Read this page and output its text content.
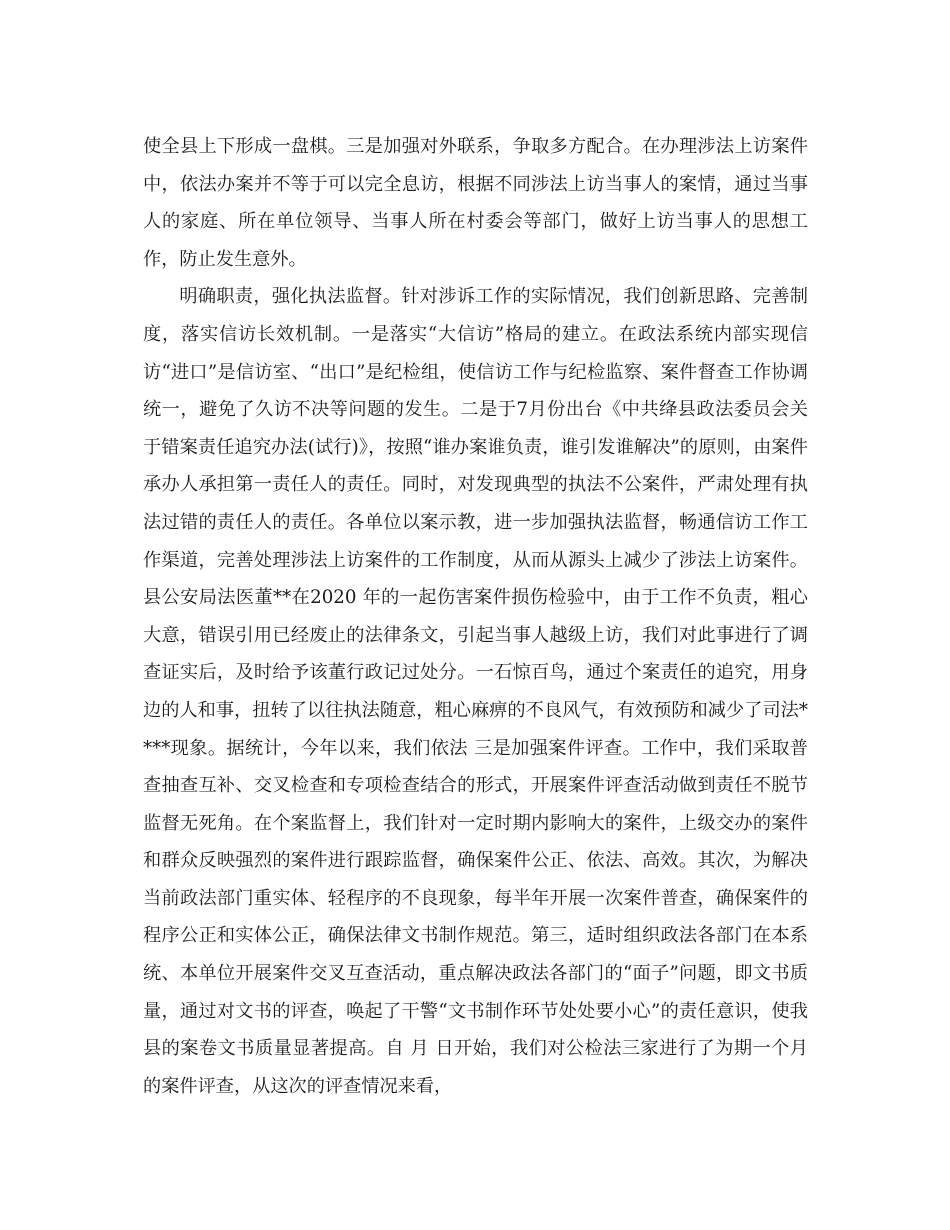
使全县上下形成一盘棋。三是加强对外联系，争取多方配合。在办理涉法上访案件中，依法办案并不等于可以完全息访，根据不同涉法上访当事人的案情，通过当事人的家庭、所在单位领导、当事人所在村委会等部门，做好上访当事人的思想工作，防止发生意外。

明确职责，强化执法监督。针对涉诉工作的实际情况，我们创新思路、完善制度，落实信访长效机制。一是落实“大信访”格局的建立。在政法系统内部实现信访“进口”是信访室、“出口”是纪检组，使信访工作与纪检监察、案件督查工作协调统一，避免了久访不决等问题的发生。二是于7月份出台《中共绛县政法委员会关于错案责任追究办法(试行)》，按照“谁办案谁负责，谁引发谁解决”的原则，由案件承办人承担第一责任人的责任。同时，对发现典型的执法不公案件，严肃处理有执法过错的责任人的责任。各单位以案示教，进一步加强执法监督，畅通信访工作工作渠道，完善处理涉法上访案件的工作制度，从而从源头上减少了涉法上访案件。县公安局法医董**在2020 年的一起伤害案件损伤检验中，由于工作不负责，粗心大意，错误引用已经废止的法律条文，引起当事人越级上访，我们对此事进行了调查证实后，及时给予该董行政记过处分。一石惊百鸟，通过个案责任的追究，用身边的人和事，扭转了以往执法随意，粗心麻痹的不良风气，有效预防和减少了司法****现象。据统计，今年以来，我们依法 三是加强案件评查。工作中，我们采取普查抽查互补、交叉检查和专项检查结合的形式，开展案件评查活动做到责任不脱节监督无死角。在个案监督上，我们针对一定时期内影响大的案件，上级交办的案件和群众反映强烈的案件进行跟踪监督，确保案件公正、依法、高效。其次，为解决当前政法部门重实体、轻程序的不良现象，每半年开展一次案件普查，确保案件的程序公正和实体公正，确保法律文书制作规范。第三，适时组织政法各部门在本系统、本单位开展案件交叉互查活动，重点解决政法各部门的“面子”问题，即文书质量，通过对文书的评查，唤起了干警“文书制作环节处处要小心”的责任意识，使我县的案卷文书质量显著提高。自 月 日开始，我们对公检法三家进行了为期一个月的案件评查，从这次的评查情况来看，
